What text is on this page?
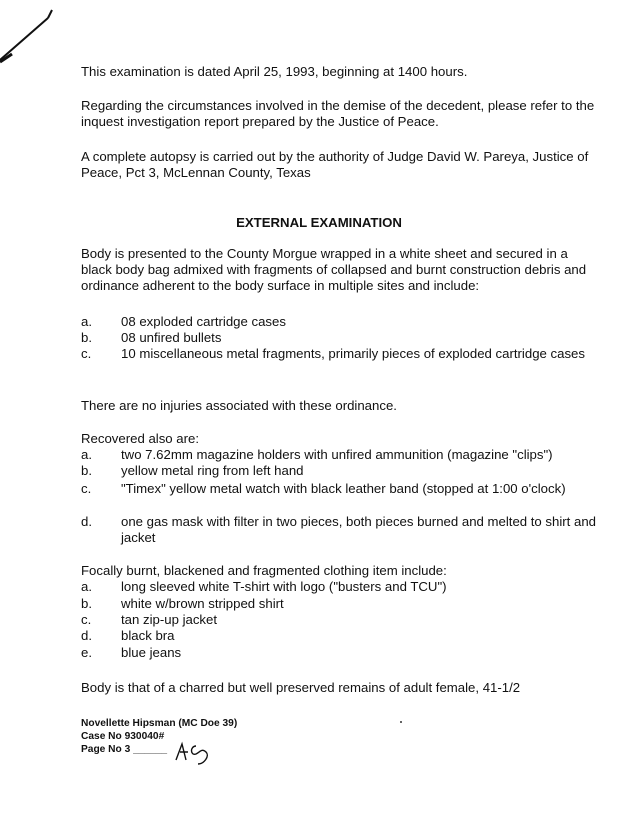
This examination is dated April 25, 1993, beginning at 1400 hours.
Regarding the circumstances involved in the demise of the decedent, please refer to the inquest investigation report prepared by the Justice of Peace.
A complete autopsy is carried out by the authority of Judge David W. Pareya, Justice of Peace, Pct 3, McLennan County, Texas
EXTERNAL EXAMINATION
Body is presented to the County Morgue wrapped in a white sheet and secured in a black body bag admixed with fragments of collapsed and burnt construction debris and ordinance adherent to the body surface in multiple sites and include:
a. 08 exploded cartridge cases
b. 08 unfired bullets
c. 10 miscellaneous metal fragments, primarily pieces of exploded cartridge cases
There are no injuries associated with these ordinance.
Recovered also are:
a. two 7.62mm magazine holders with unfired ammunition (magazine "clips")
b. yellow metal ring from left hand
c. "Timex" yellow metal watch with black leather band (stopped at 1:00 o'clock)
d. one gas mask with filter in two pieces, both pieces burned and melted to shirt and jacket
Focally burnt, blackened and fragmented clothing item include:
a. long sleeved white T-shirt with logo ("busters and TCU")
b. white w/brown stripped shirt
c. tan zip-up jacket
d. black bra
e. blue jeans
Body is that of a charred but well preserved remains of adult female, 41-1/2
Novellette Hipsman (MC Doe 39)
Case No 930040#
Page No 3 ______
